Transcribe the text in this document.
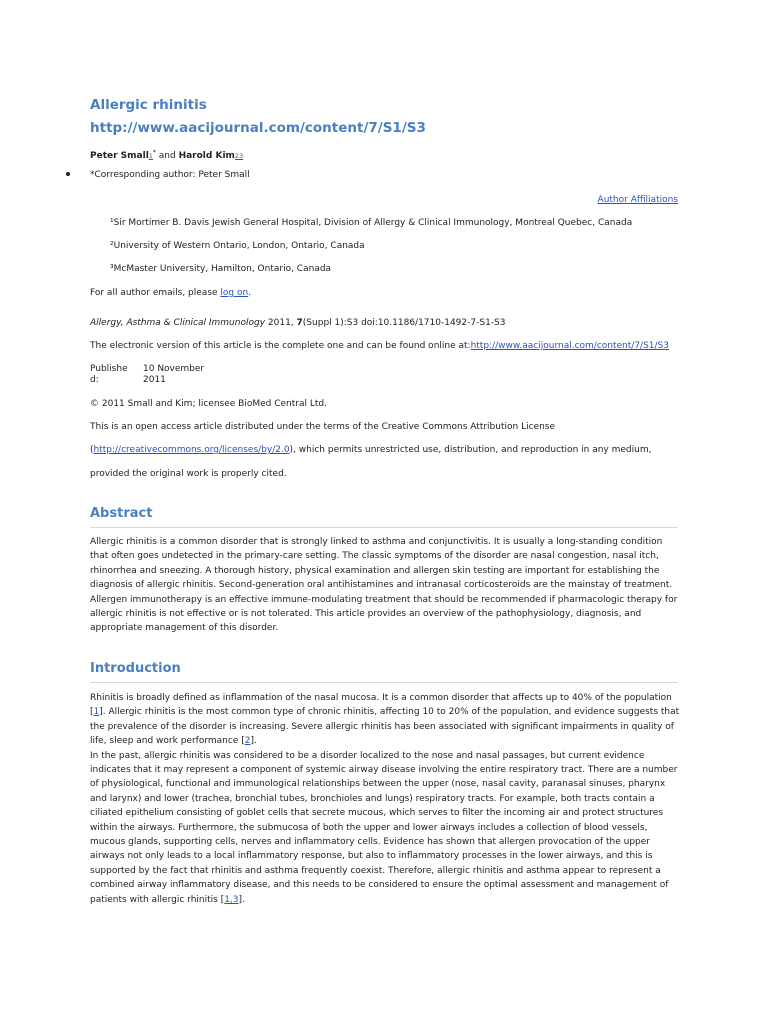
Allergic rhinitis
http://www.aacijournal.com/content/7/S1/S3
Peter Small1* and Harold Kim23
*Corresponding author: Peter Small
Author Affiliations
¹Sir Mortimer B. Davis Jewish General Hospital, Division of Allergy & Clinical Immunology, Montreal Quebec, Canada
²University of Western Ontario, London, Ontario, Canada
³McMaster University, Hamilton, Ontario, Canada
For all author emails, please log on.
Allergy, Asthma & Clinical Immunology 2011, 7(Suppl 1):S3 doi:10.1186/1710-1492-7-S1-S3
The electronic version of this article is the complete one and can be found online at:http://www.aacijournal.com/content/7/S1/S3
Publishe
d:
10 November
2011
© 2011 Small and Kim; licensee BioMed Central Ltd.
This is an open access article distributed under the terms of the Creative Commons Attribution License
(http://creativecommons.org/licenses/by/2.0), which permits unrestricted use, distribution, and reproduction in any medium,
provided the original work is properly cited.
Abstract
Allergic rhinitis is a common disorder that is strongly linked to asthma and conjunctivitis. It is usually a long-standing condition that often goes undetected in the primary-care setting. The classic symptoms of the disorder are nasal congestion, nasal itch, rhinorrhea and sneezing. A thorough history, physical examination and allergen skin testing are important for establishing the diagnosis of allergic rhinitis. Second-generation oral antihistamines and intranasal corticosteroids are the mainstay of treatment. Allergen immunotherapy is an effective immune-modulating treatment that should be recommended if pharmacologic therapy for allergic rhinitis is not effective or is not tolerated. This article provides an overview of the pathophysiology, diagnosis, and appropriate management of this disorder.
Introduction

Rhinitis is broadly defined as inflammation of the nasal mucosa. It is a common disorder that affects up to 40% of the population [1]. Allergic rhinitis is the most common type of chronic rhinitis, affecting 10 to 20% of the population, and evidence suggests that the prevalence of the disorder is increasing. Severe allergic rhinitis has been associated with significant impairments in quality of life, sleep and work performance [2].

In the past, allergic rhinitis was considered to be a disorder localized to the nose and nasal passages, but current evidence indicates that it may represent a component of systemic airway disease involving the entire respiratory tract. There are a number of physiological, functional and immunological relationships between the upper (nose, nasal cavity, paranasal sinuses, pharynx and larynx) and lower (trachea, bronchial tubes, bronchioles and lungs) respiratory tracts. For example, both tracts contain a ciliated epithelium consisting of goblet cells that secrete mucous, which serves to filter the incoming air and protect structures within the airways. Furthermore, the submucosa of both the upper and lower airways includes a collection of blood vessels, mucous glands, supporting cells, nerves and inflammatory cells. Evidence has shown that allergen provocation of the upper airways not only leads to a local inflammatory response, but also to inflammatory processes in the lower airways, and this is supported by the fact that rhinitis and asthma frequently coexist. Therefore, allergic rhinitis and asthma appear to represent a combined airway inflammatory disease, and this needs to be considered to ensure the optimal assessment and management of patients with allergic rhinitis [1,3].
